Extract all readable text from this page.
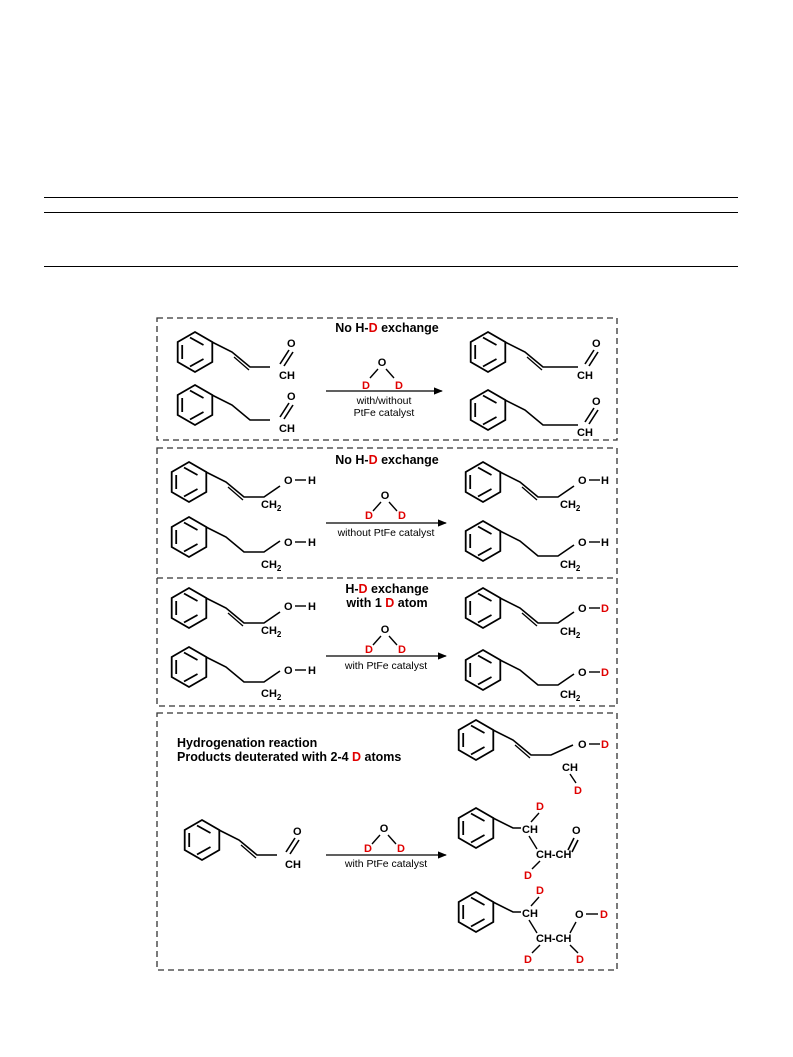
No H-D exchange
O
CH
O
CH
O
D D
with/without
PtFe catalyst
O
CH
O
CH
No H-D exchange
O H
$CH_2$
O H
$CH_2$
O
D D
without PtFe catalyst
O H
$CH_2$
O H
$CH_2$
H-D exchange
with 1 D atom
O H
$CH_2$
O H
$CH_2$
O
D D
with PtFe catalyst
O D
$CH_2$
O D
$CH_2$
Hydrogenation reaction
Products deuterated with 2-4 D atoms
O
CH
O
D D
with PtFe catalyst
O D
CH
D
CH
D
CH-CH
D
O
CH
D
CH-CH
D	D
O D
